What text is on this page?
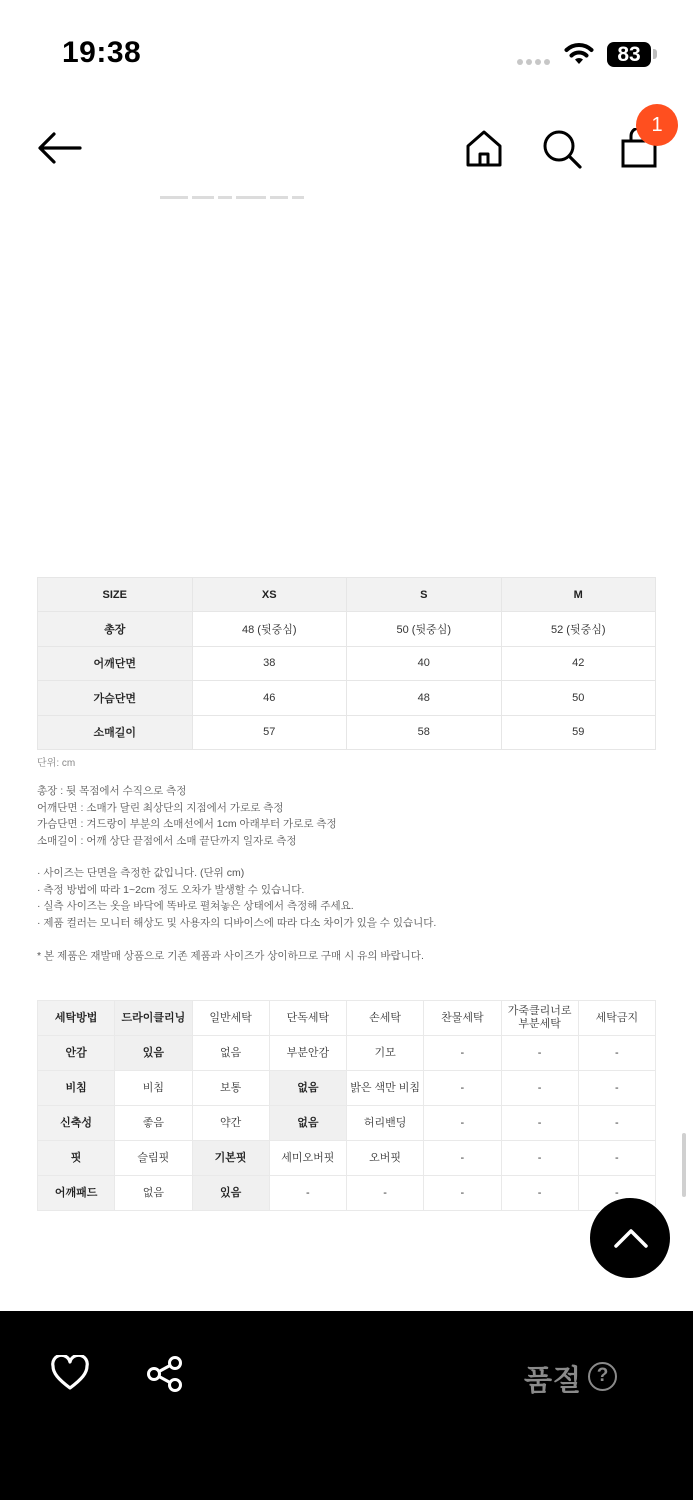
19:38	83
1
SIZE	XS	S	M
총장	48 (뒷중심)	50 (뒷중심)	52 (뒷중심)
어깨단면	38	40	42
가슴단면	46	48	50
소매길이	57	58	59
단위: cm
총장 : 뒷 목점에서 수직으로 측정
어깨단면 : 소매가 달린 최상단의 지점에서 가로로 측정
가슴단면 : 겨드랑이 부분의 소매선에서 1cm 아래부터 가로로 측정
소매길이 : 어깨 상단 끝점에서 소매 끝단까지 일자로 측정
· 사이즈는 단면을 측정한 값입니다. (단위 cm)
· 측정 방법에 따라 1~2cm 정도 오차가 발생할 수 있습니다.
· 실측 사이즈는 옷을 바닥에 똑바로 펼쳐놓은 상태에서 측정해 주세요.
· 제품 컬러는 모니터 해상도 및 사용자의 디바이스에 따라 다소 차이가 있을 수 있습니다.
* 본 제품은 재발매 상품으로 기존 제품과 사이즈가 상이하므로 구매 시 유의 바랍니다.
세탁방법	드라이클리닝	일반세탁	단독세탁	손세탁	찬물세탁	가죽클리너로 부분세탁	세탁금지
안감	있음	없음	부분안감	기모	-	-	-
비침	비침	보통	없음	밝은 색만 비침	-	-	-
신축성	좋음	약간	없음	허리밴딩	-	-	-
핏	슬림핏	기본핏	세미오버핏	오버핏	-	-	-
어깨패드	없음	있음	-	-	-	-	-
품절 ?
